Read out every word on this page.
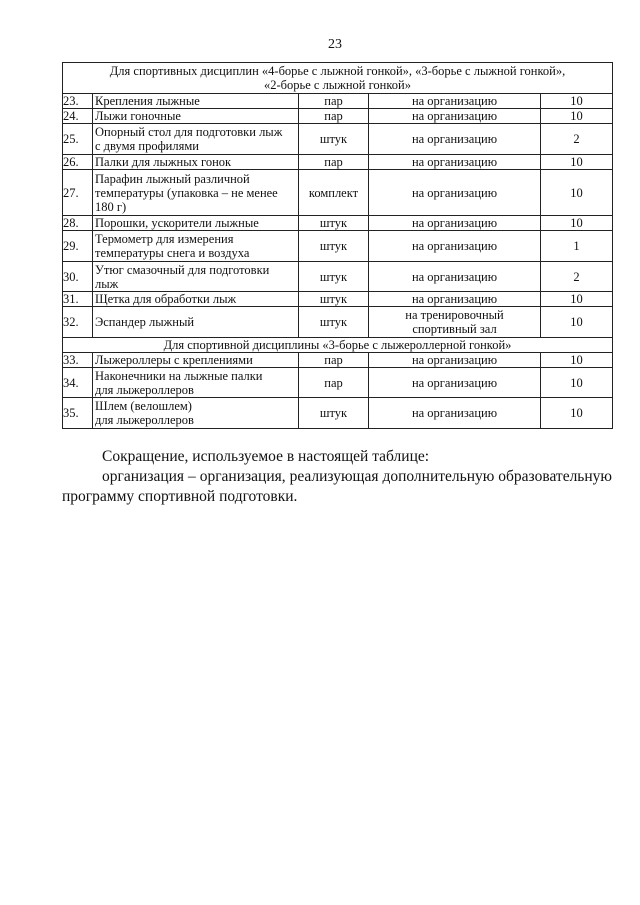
23
Для спортивных дисциплин «4-борье с лыжной гонкой», «3-борье с лыжной гонкой»,
«2-борье с лыжной гонкой»				
23.	Крепления лыжные	пар	на организацию	10
24.	Лыжи гоночные	пар	на организацию	10
25.	Опорный стол для подготовки лыж
с двумя профилями	штук	на организацию	2
26.	Палки для лыжных гонок	пар	на организацию	10
27.	Парафин лыжный различной
температуры (упаковка – не менее
180 г)	комплект	на организацию	10
28.	Порошки, ускорители лыжные	штук	на организацию	10
29.	Термометр для измерения
температуры снега и воздуха	штук	на организацию	1
30.	Утюг смазочный для подготовки
лыж	штук	на организацию	2
31.	Щетка для обработки лыж	штук	на организацию	10
32.	Эспандер лыжный	штук	на тренировочный
спортивный зал	10
Для спортивной дисциплины «3-борье с лыжероллерной гонкой»				
33.	Лыжероллеры с креплениями	пар	на организацию	10
34.	Наконечники на лыжные палки
для лыжероллеров	пар	на организацию	10
35.	Шлем (велошлем)
для лыжероллеров	штук	на организацию	10

Сокращение, используемое в настоящей таблице:

организация – организация, реализующая дополнительную образовательную программу спортивной подготовки.
